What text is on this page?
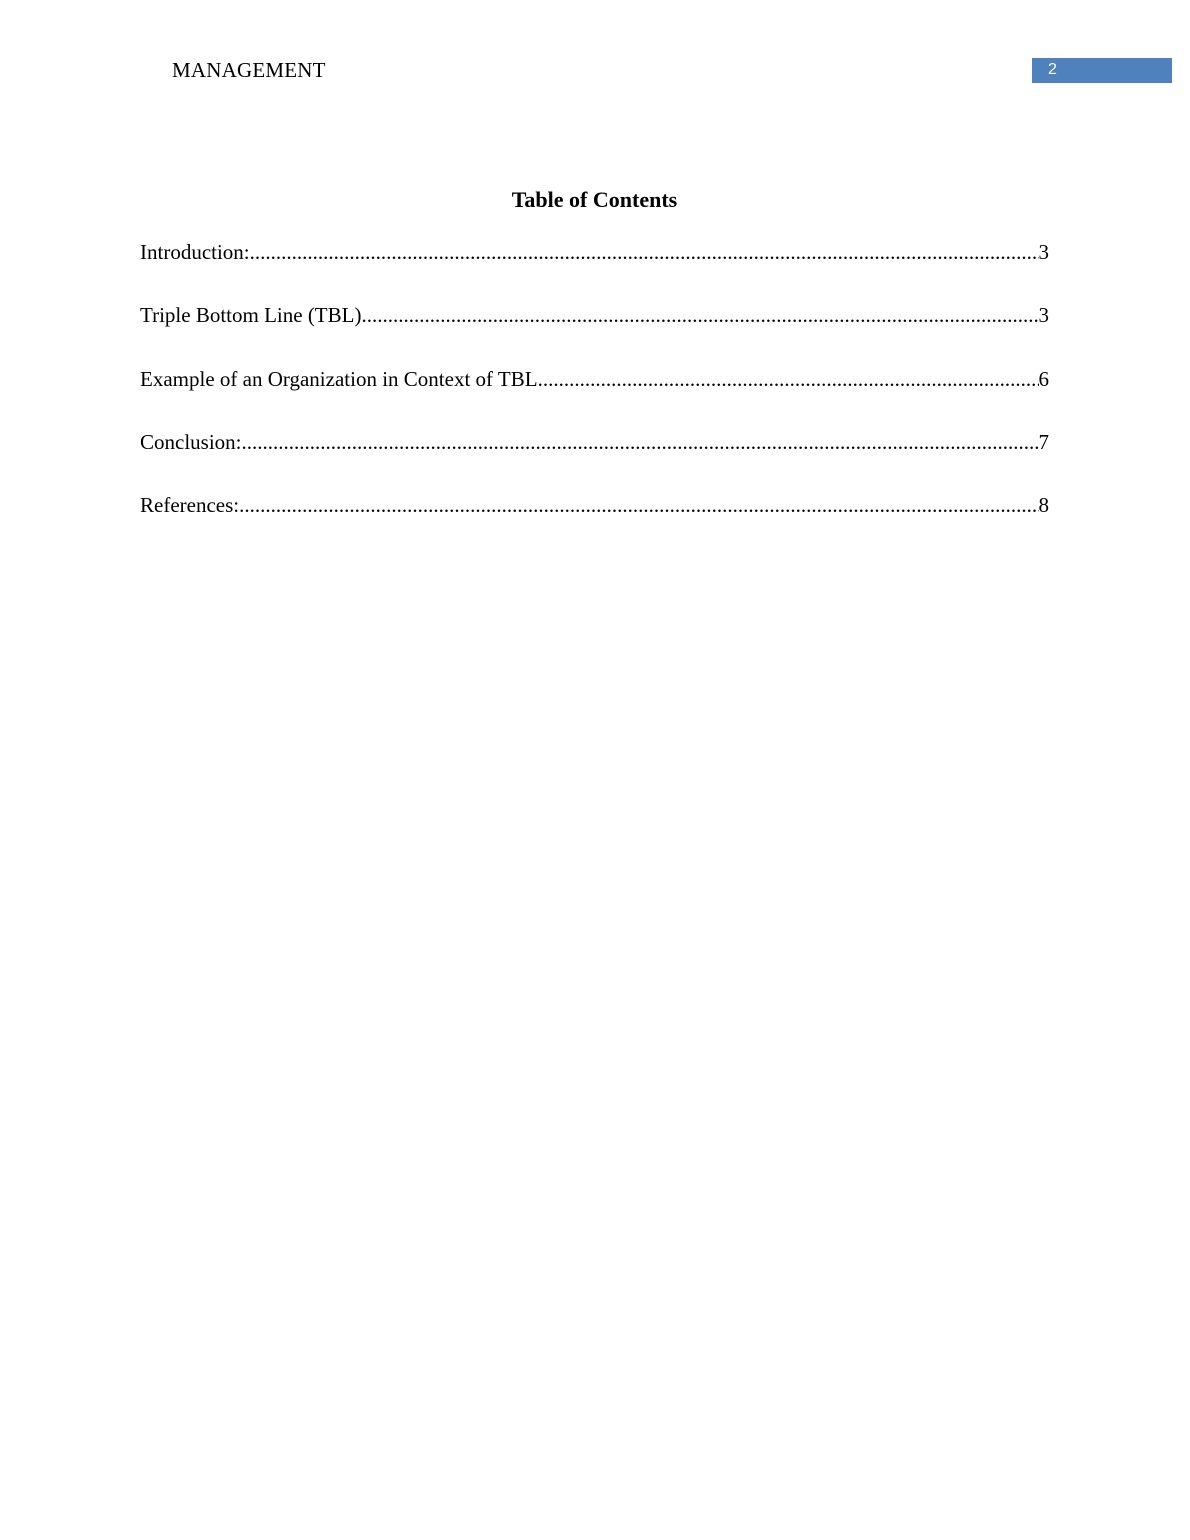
MANAGEMENT	2
Table of Contents
Introduction: .....	3
Triple Bottom Line (TBL) .....	3
Example of an Organization in Context of TBL .....	6
Conclusion: .....	7
References: .....	8
